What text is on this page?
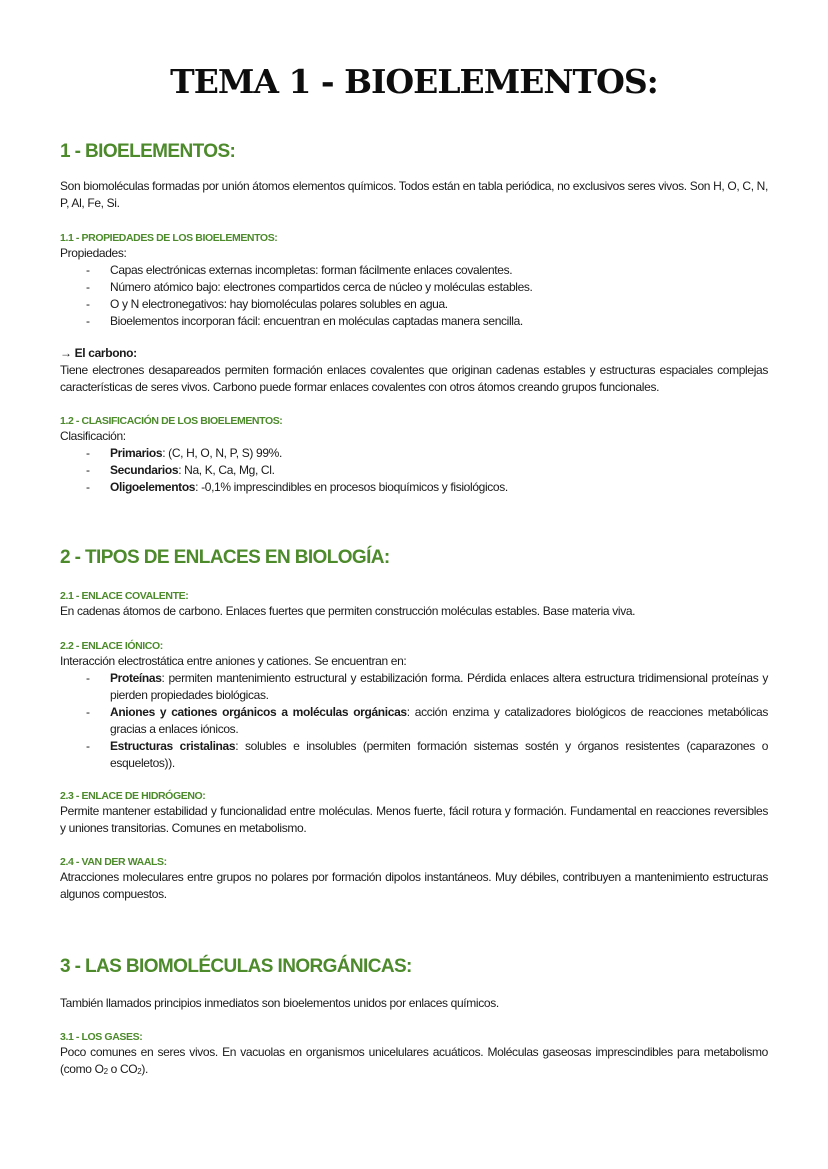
TEMA 1 - BIOELEMENTOS:
1 - BIOELEMENTOS:
Son biomoléculas formadas por unión átomos elementos químicos. Todos están en tabla periódica, no exclusivos seres vivos. Son H, O, C, N, P, Al, Fe, Si.
1.1 - PROPIEDADES DE LOS BIOELEMENTOS:
Propiedades:
- Capas electrónicas externas incompletas: forman fácilmente enlaces covalentes.
- Número atómico bajo: electrones compartidos cerca de núcleo y moléculas estables.
- O y N electronegativos: hay biomoléculas polares solubles en agua.
- Bioelementos incorporan fácil: encuentran en moléculas captadas manera sencilla.
→ El carbono:
Tiene electrones desapareados permiten formación enlaces covalentes que originan cadenas estables y estructuras espaciales complejas características de seres vivos. Carbono puede formar enlaces covalentes con otros átomos creando grupos funcionales.
1.2 - CLASIFICACIÓN DE LOS BIOELEMENTOS:
Clasificación:
- Primarios: (C, H, O, N, P, S) 99%.
- Secundarios: Na, K, Ca, Mg, Cl.
- Oligoelementos: -0,1% imprescindibles en procesos bioquímicos y fisiológicos.
2 - TIPOS DE ENLACES EN BIOLOGÍA:
2.1 - ENLACE COVALENTE:
En cadenas átomos de carbono. Enlaces fuertes que permiten construcción moléculas estables. Base materia viva.
2.2 - ENLACE IÓNICO:
Interacción electrostática entre aniones y cationes. Se encuentran en:
- Proteínas: permiten mantenimiento estructural y estabilización forma. Pérdida enlaces altera estructura tridimensional proteínas y pierden propiedades biológicas.
- Aniones y cationes orgánicos a moléculas orgánicas: acción enzima y catalizadores biológicos de reacciones metabólicas gracias a enlaces iónicos.
- Estructuras cristalinas: solubles e insolubles (permiten formación sistemas sostén y órganos resistentes (caparazones o esqueletos)).
2.3 - ENLACE DE HIDRÓGENO:
Permite mantener estabilidad y funcionalidad entre moléculas. Menos fuerte, fácil rotura y formación. Fundamental en reacciones reversibles y uniones transitorias. Comunes en metabolismo.
2.4 - VAN DER WAALS:
Atracciones moleculares entre grupos no polares por formación dipolos instantáneos. Muy débiles, contribuyen a mantenimiento estructuras algunos compuestos.
3 - LAS BIOMOLÉCULAS INORGÁNICAS:
También llamados principios inmediatos son bioelementos unidos por enlaces químicos.
3.1 - LOS GASES:
Poco comunes en seres vivos. En vacuolas en organismos unicelulares acuáticos. Moléculas gaseosas imprescindibles para metabolismo (como $O_2$ o $CO_2$).
